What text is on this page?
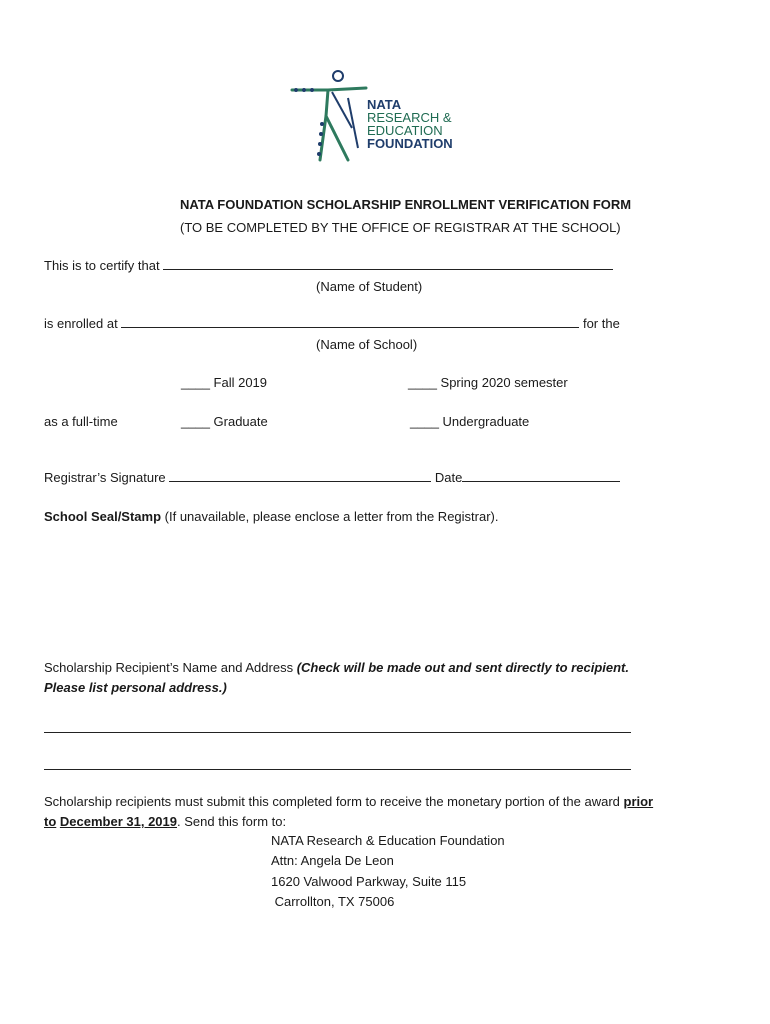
NATA
RESEARCH &
EDUCATION
FOUNDATION
NATA FOUNDATION SCHOLARSHIP ENROLLMENT VERIFICATION FORM
(TO BE COMPLETED BY THE OFFICE OF REGISTRAR AT THE SCHOOL)
This is to certify that
(Name of Student)
is enrolled at	for the
(Name of School)
____ Fall 2019	____ Spring 2020 semester
as a full-time	____ Graduate	____ Undergraduate
Registrar’s Signature	Date
School Seal/Stamp (If unavailable, please enclose a letter from the Registrar).
Scholarship Recipient’s Name and Address (Check will be made out and sent directly to recipient.
Please list personal address.)
Scholarship recipients must submit this completed form to receive the monetary portion of the award prior
to December 31, 2019. Send this form to:
NATA Research & Education Foundation
Attn: Angela De Leon
1620 Valwood Parkway, Suite 115
Carrollton, TX 75006
